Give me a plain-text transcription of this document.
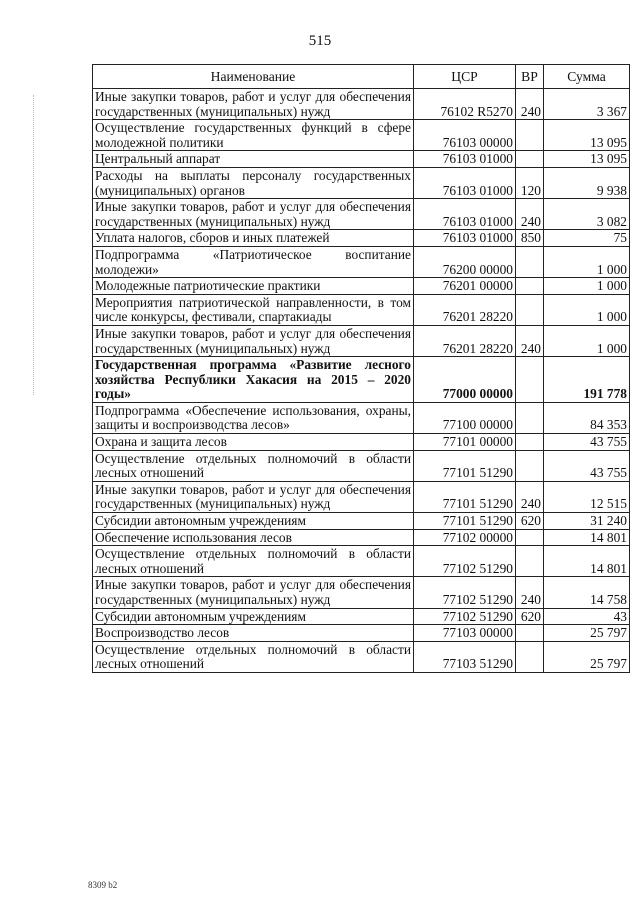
515
Наименование	ЦСР	ВР	Сумма
Иные закупки товаров, работ и услуг для обеспечения государственных (муниципальных) нужд	76102 R5270	240	3 367
Осуществление государственных функций в сфере молодежной политики	76103 00000		13 095
Центральный аппарат	76103 01000		13 095
Расходы на выплаты персоналу государственных (муниципальных) органов	76103 01000	120	9 938
Иные закупки товаров, работ и услуг для обеспечения государственных (муниципальных) нужд	76103 01000	240	3 082
Уплата налогов, сборов и иных платежей	76103 01000	850	75
Подпрограмма «Патриотическое воспитание молодежи»	76200 00000		1 000
Молодежные патриотические практики	76201 00000		1 000
Мероприятия патриотической направленности, в том числе конкурсы, фестивали, спартакиады	76201 28220		1 000
Иные закупки товаров, работ и услуг для обеспечения государственных (муниципальных) нужд	76201 28220	240	1 000
Государственная программа «Развитие лесного хозяйства Республики Хакасия на 2015 – 2020 годы»	77000 00000		191 778
Подпрограмма «Обеспечение использования, охраны, защиты и воспроизводства лесов»	77100 00000		84 353
Охрана и защита лесов	77101 00000		43 755
Осуществление отдельных полномочий в области лесных отношений	77101 51290		43 755
Иные закупки товаров, работ и услуг для обеспечения государственных (муниципальных) нужд	77101 51290	240	12 515
Субсидии автономным учреждениям	77101 51290	620	31 240
Обеспечение использования лесов	77102 00000		14 801
Осуществление отдельных полномочий в области лесных отношений	77102 51290		14 801
Иные закупки товаров, работ и услуг для обеспечения государственных (муниципальных) нужд	77102 51290	240	14 758
Субсидии автономным учреждениям	77102 51290	620	43
Воспроизводство лесов	77103 00000		25 797
Осуществление отдельных полномочий в области лесных отношений	77103 51290		25 797
8309 b2
